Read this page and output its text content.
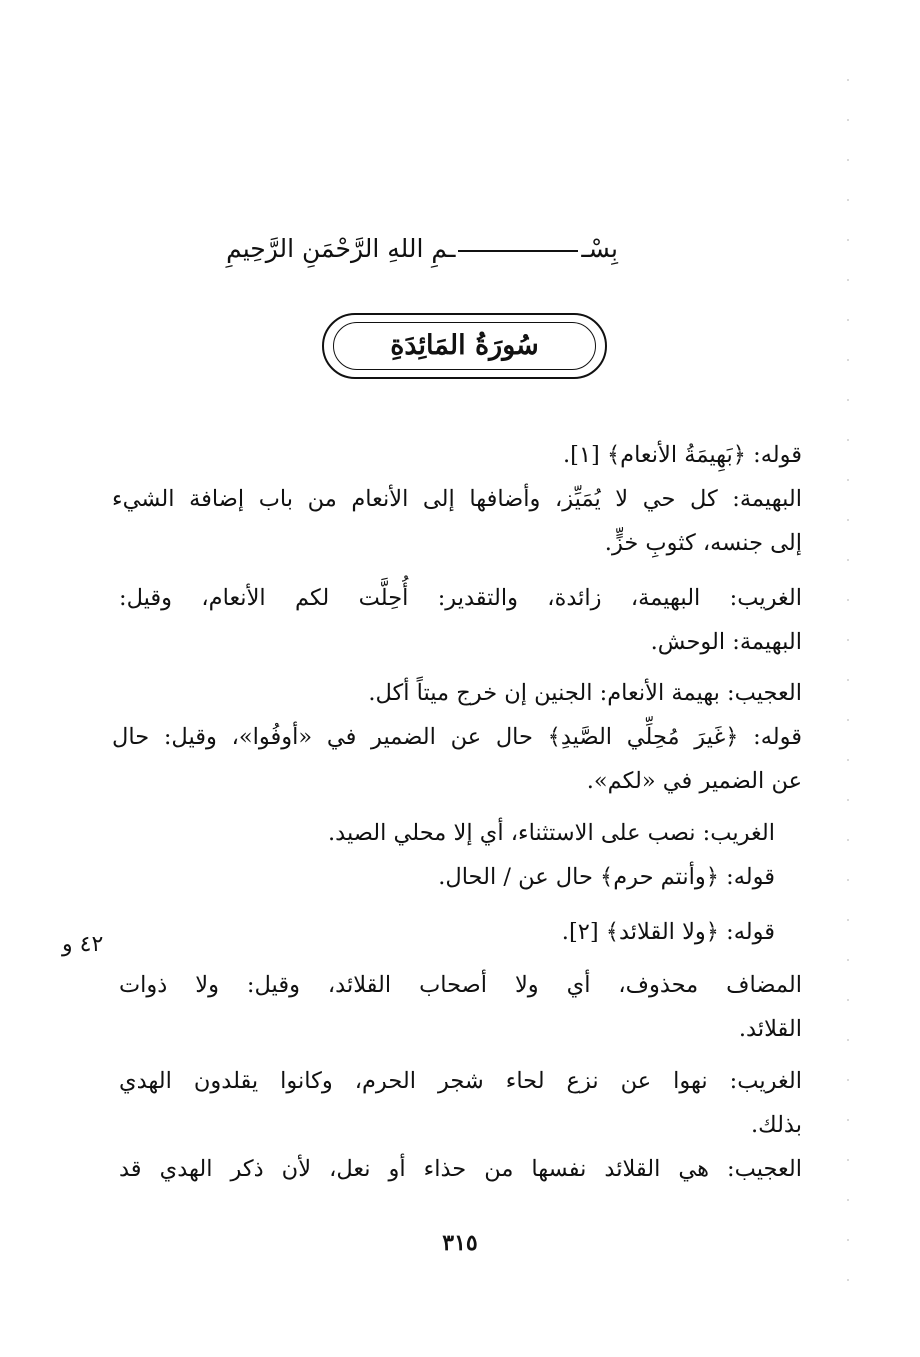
بِسْــمِ اللهِ الرَّحْمَنِ الرَّحِيمِ
سُورَةُ المَائِدَةِ
قوله: ﴿بَهِيمَةُ الأنعام﴾ [١].
البهيمة: كل حي لا يُمَيِّز، وأضافها إلى الأنعام من باب إضافة الشيء
إلى جنسه، كثوبِ خزٍّ.
الغريب: البهيمة، زائدة، والتقدير: أُحِلَّت لكم الأنعام، وقيل:
البهيمة: الوحش.
العجيب: بهيمة الأنعام: الجنين إن خرج ميتاً أكل.
قوله: ﴿غَيرَ مُحِلِّي الصَّيدِ﴾ حال عن الضمير في «أوفُوا»، وقيل: حال
عن الضمير في «لكم».
الغريب: نصب على الاستثناء، أي إلا محلي الصيد.
قوله: ﴿وأنتم حرم﴾ حال عن / الحال.
قوله: ﴿ولا القلائد﴾ [٢].
٤٢ و
المضاف محذوف، أي ولا أصحاب القلائد، وقيل: ولا ذوات
القلائد.
الغريب: نهوا عن نزع لحاء شجر الحرم، وكانوا يقلدون الهدي
بذلك.
العجيب: هي القلائد نفسها من حذاء أو نعل، لأن ذكر الهدي قد
٣١٥
